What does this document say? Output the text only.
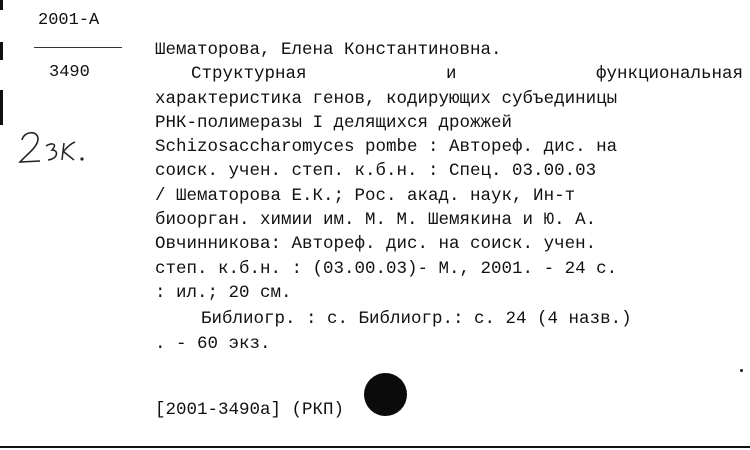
2001-A
3490
Шематорова, Елена Константиновна.
Структурная	и	функциональная
характеристика генов, кодирующих субъединицы
РНК-полимеразы I делящихся дрожжей
Schizosaccharomyces pombe : Автореф. дис. на
соиск. учен. степ. к.б.н. : Спец. 03.00.03
/ Шематорова Е.К.; Рос. акад. наук, Ин-т
биоорган. химии им. М. М. Шемякина и Ю. А.
Овчинникова: Автореф. дис. на соиск. учен.
степ. к.б.н. : (03.00.03)- М., 2001. - 24 с.
: ил.; 20 см.
Библиогр. : с. Библиогр.: с. 24 (4 назв.)
. - 60 экз.
[2001-3490а] (РКП)
